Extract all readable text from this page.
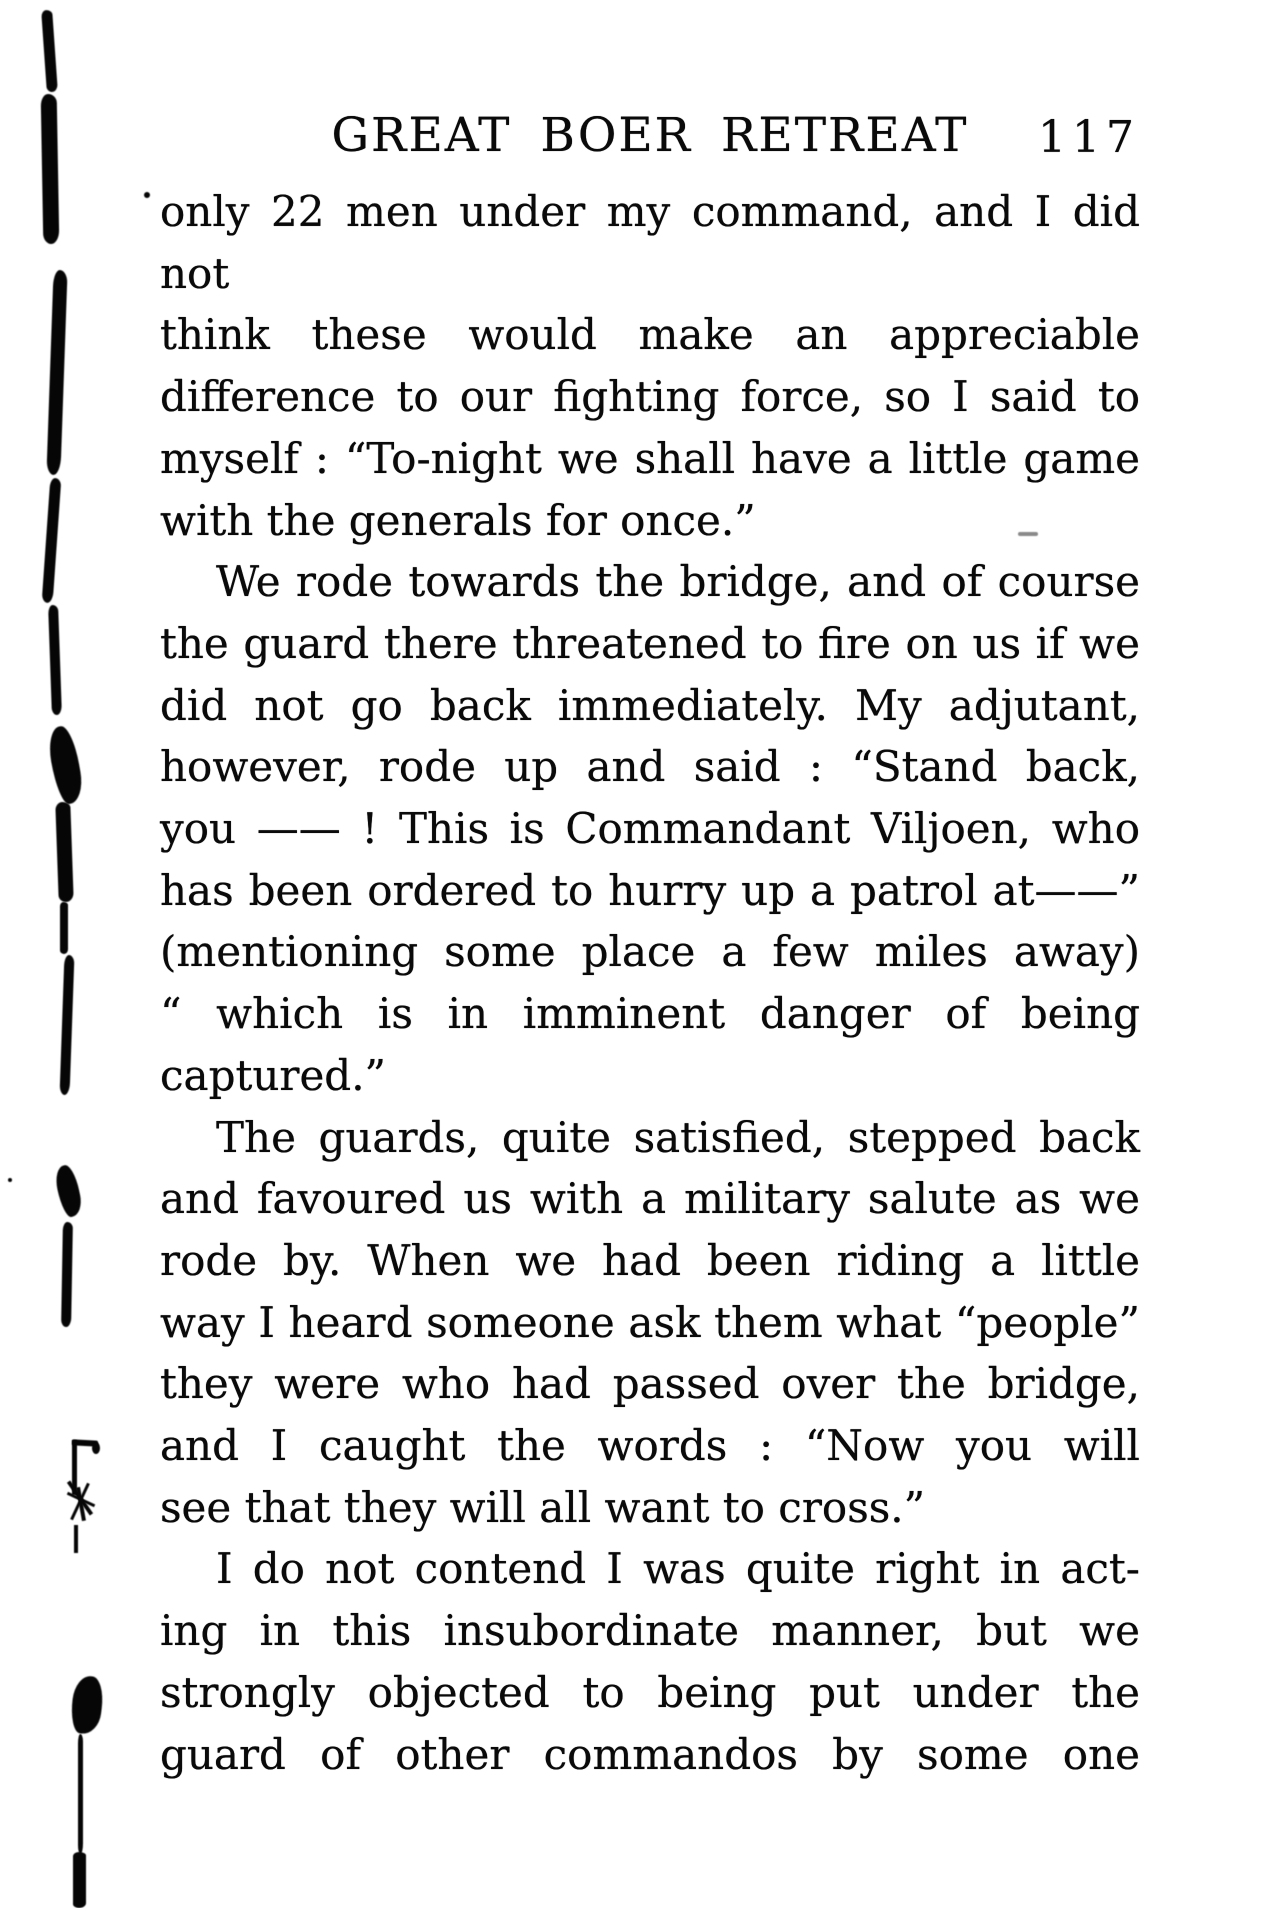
GREAT BOER RETREAT	117
only 22 men under my command, and I did not
think these would make an appreciable
difference to our fighting force, so I said to
myself : “To-night we shall have a little game
with the generals for once.”
We rode towards the bridge, and of course
the guard there threatened to fire on us if we
did not go back immediately. My adjutant,
however, rode up and said : “Stand back,
you —— ! This is Commandant Viljoen, who
has been ordered to hurry up a patrol at——”
(mentioning some place a few miles away)
“ which is in imminent danger of being
captured.”
The guards, quite satisfied, stepped back
and favoured us with a military salute as we
rode by. When we had been riding a little
way I heard someone ask them what “people”
they were who had passed over the bridge,
and I caught the words : “Now you will
see that they will all want to cross.”
I do not contend I was quite right in act-
ing in this insubordinate manner, but we
strongly objected to being put under the
guard of other commandos by some one
